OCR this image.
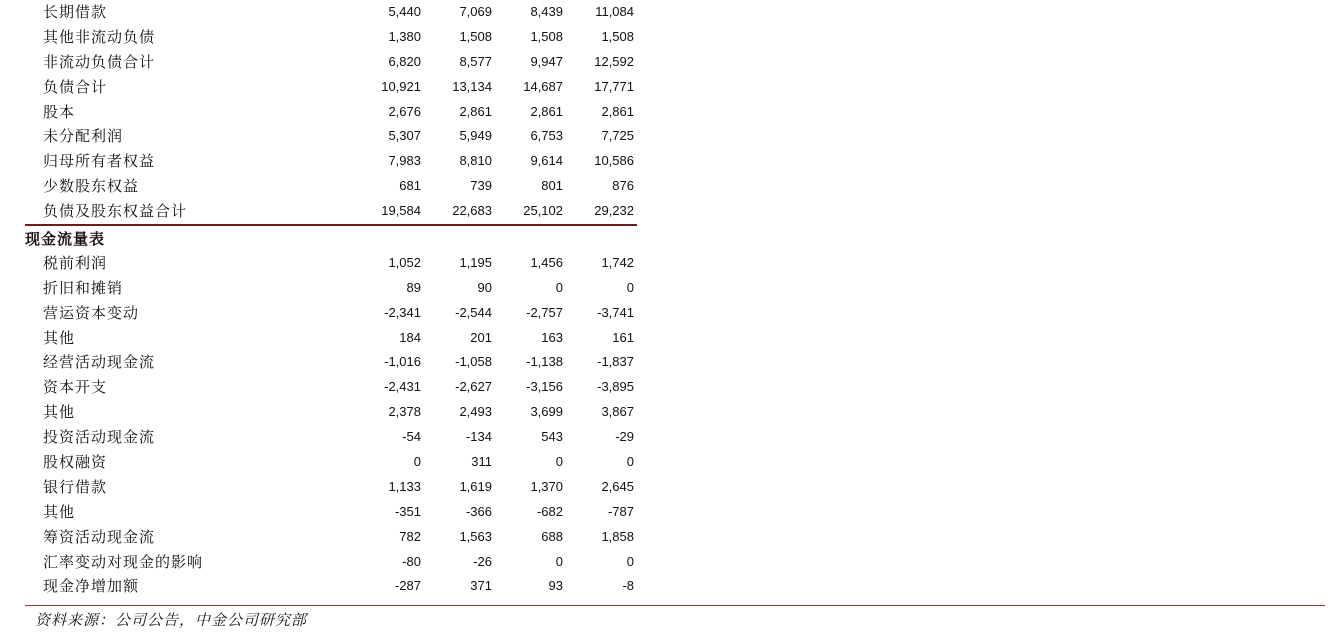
长期借款	5,440	7,069	8,439	11,084
其他非流动负债	1,380	1,508	1,508	1,508
非流动负债合计	6,820	8,577	9,947	12,592
负债合计	10,921	13,134	14,687	17,771
股本	2,676	2,861	2,861	2,861
未分配利润	5,307	5,949	6,753	7,725
归母所有者权益	7,983	8,810	9,614	10,586
少数股东权益	681	739	801	876
负债及股东权益合计	19,584	22,683	25,102	29,232
现金流量表
税前利润	1,052	1,195	1,456	1,742
折旧和摊销	89	90	0	0
营运资本变动	-2,341	-2,544	-2,757	-3,741
其他	184	201	163	161
经营活动现金流	-1,016	-1,058	-1,138	-1,837
资本开支	-2,431	-2,627	-3,156	-3,895
其他	2,378	2,493	3,699	3,867
投资活动现金流	-54	-134	543	-29
股权融资	0	311	0	0
银行借款	1,133	1,619	1,370	2,645
其他	-351	-366	-682	-787
筹资活动现金流	782	1,563	688	1,858
汇率变动对现金的影响	-80	-26	0	0
现金净增加额	-287	371	93	-8
资料来源：公司公告，中金公司研究部
